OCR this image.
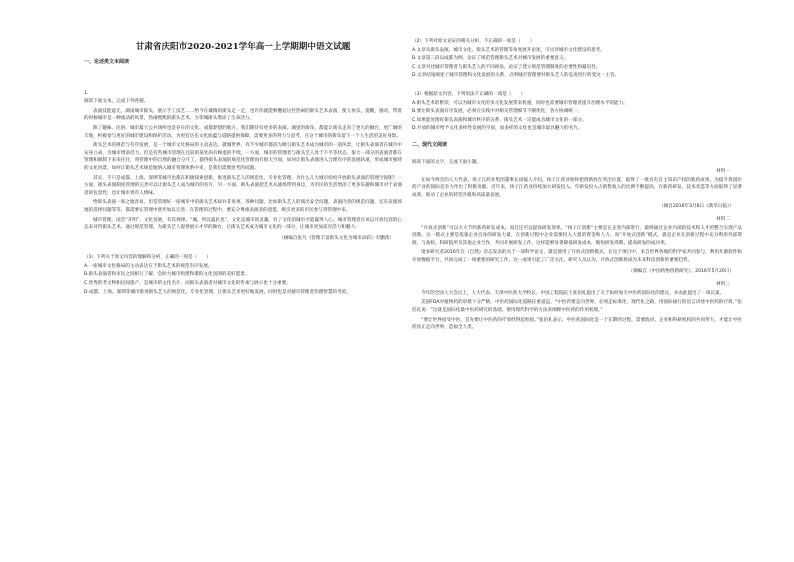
甘肃省庆阳市2020-2021学年高一上学期期中语文试题
一、论述类文本阅读
1.

阅读下面文本，完成下列各题。

表演技能虚无，湖南城市街头，展示手工技艺……给今在城镇的街头走一走，也许你就能够邂逅这些热闹的街头艺术表演，使人快乐，提醒，感动，带着的时候城市是一种流动的风景，热闹熙熙的街头艺术，为邻城街头增添了生命活力。

除了趣味、民俗、城市最天公共场所也是存在的文化、成都梦想的地方。我们期待有更多的表演、城里的街角，都能让街头走向了更大的舞台，更广阔的天地，积极参与更好的城市建设和保护活动，为更有历史文化底蕴与道路提供保障，需要更多的努力与思考，在这个城市的街头留下一个人生活的美好身影。

街头艺术的规范与有序发展，是一个城市文化格局的主动表达。就城世界，有不少城市都因为吸引街头艺术成为城市的一道风景，让街头表演者在城市中安身立命，为城市增添活力。但是有些城市管理在还较的某处尚有顾虑的手续，一方面，城市的管理者与街头艺人处于不平等状态，很大一部分的表演者都在管理和限制下来来往往，将管理中的自然的融合分开了，使得街头表演的规范化管理尚有很大空间，如何让街头表演进入合理有序的发展轨道，形成城市独特的文化风景，如何让街头艺术规范地纳入城市管理体系中来，是我们需要思考的问题。

其实，不只是成都、上海、深圳等城市也都在积极探索创新，推进街头艺人的规范化、专业化管理。为什么几大城市纷纷开放街头表演的管理空间呢？一方面，街头表演制度管理的完善可以让街头艺人成为城市的名片，另一方面，街头表演把艺术从剧场带到身边，为市民的生活增添了更多乐趣和城市对于表演者的包容性，也让城市更有人情味。

给街头表演一席之地容易，但是管理好一座城市中的街头艺术却并非易事。各种问题，比如街头艺人的演出安全问题，表演内容的规范问题，还有表演场地的选择问题等等，都需要在管理中逐步加以完善，在管理的过程中，要充分尊重表演者的意愿，吸引更多的市民参与到管理中来。

城市管理，国会“开明”，文化发展，有其规律。“城，所以盛民也”，文化是城市的灵魂，有了文化的城市才能赢得人心。城市管理者应该以开放包容的心态来对待街头艺术，通过规范管理，为街头艺人提供展示才华的舞台，让街头艺术成为城市文化的一部分，让城市更加富有活力和魅力。

（摘编自张凡《管理丰富街头文化为城市添彩》有删改）
（1）下列关于原文内容的理解和分析，正确的一项是（　　）
A.一座城市文化格局的主动表达在于街头艺术的规范有序发展。
B.街头表演者和市民之间相互了解，会助力城市构建和谐的文化氛围的美好愿景。
C.优秀的考文物和民间遗产，是城市的文化名片，而街头表演者对城市文化的传承与展示也十分重要。
D.成都、上海、深圳等城市推进街头艺人的规范化、专业化管理，让街头艺术更好地发展，同时也是对城市管理者治理智慧的考验。
（2）下列对原文论证的相关分析，不正确的一项是（　　）
A.文章从街头表演、城市文化、街头艺术的管理等角度展开论述，引出对城市文化建设的思考。
B.文章第三段以成都为例，论证了规范管理街头艺术对城市发展的重要意义。
C.文章对比城市管理者与街头艺人的不同视角，论证了建立规范管理制度的必要性和紧迫性。
D.文章结尾阐述了城市管理和文化发展的关系，点明城市管理要对街头艺人的态度进行转变这一主旨。
（3）根据原文内容，下列说法不正确的一项是（　　）
A.街头艺术的繁荣，可以为城市文化的多元化发展带来机遇，同时也需要城市管理者提升治理水平的能力。
B.要让街头表演有序发展，必须在实践中对相关管理细节不断优化，各方协调统一。
C.如果能处理好街头表演和城市秩序的关系，街头艺术一定能成为城市文化的一部分。
D.开放的城市给予文化多样性发展的空间，而多样的文化也是城市最具魅力的名片。
二、现代文阅读

阅读下面的文字，完成下面小题。

材料一

在如今两会的人大代表、扬子江药业集团董事长徐镜人介绍，扬子江药业始终把创新放在突出位置，取得了一批具有自主知识产权的新药成果，为提升我国医药产业的国际竞争力作出了积极贡献。近年来，扬子江药业持续加大研发投入，年研发投入占销售收入的比例不断提高，在新药研发、技术改造等方面取得了显著成效，推动了企业的转型升级和高质量发展。

（摘自2016年3月6日《新华日报》）
材料二

“开放式创新”可以大大节约新药研发成本，而且还可以提高研发效率。“扬子江创新”主要是在企业内部进行，最终通过企业内部的技术和人才的整合实现产品创新。这一模式主要是依靠企业自身的研发力量，在创新过程中企业需要投入大量的资金和人力。而“开放式创新”模式，就是企业在创新过程中充分利用外部资源，与高校、科研院所及其他企业合作，共同开展研发工作，这样能够显著降低研发成本，缩短研发周期，提高研发的成功率。

诸多研究者2016年在《自然》杂志发表的关于一项科学论文，就是使用了开放式创新模式。在这个项目中，来自世界各地的科学家共同参与，利用开源软件和开放数据平台，共同完成了一项重要的研究工作，这一成果引起了广泛关注。研究人员认为，开放式创新将成为未来科技创新的重要趋势。

（摘编自《中国药物创新研究》，2016年5月20日）
材料三

今年的全国人大会议上，人大代表、天津中医药大学校长、中国工程院院士张伯礼提出了关于如何加大中医药国际化的建议，并由此提出了一项议案。

美国FDA对植物药的审批十分严格，中医药国际化道路任重道远。“中医药要走向世界，必须走标准化、现代化之路，用国际通行的语言讲述中医药的疗效。”张伯礼说：“这就是国际化最中医药研究的基础，要用现代科学的方法来阐释中医药的作用机理。”

“要让世界接受中医，首先要让中医药的疗效经得起检验。”张伯礼表示，中医药国际化是一个长期的过程，需要政府、企业和科研机构的共同努力，才能让中医药真正走向世界，造福全人类。
